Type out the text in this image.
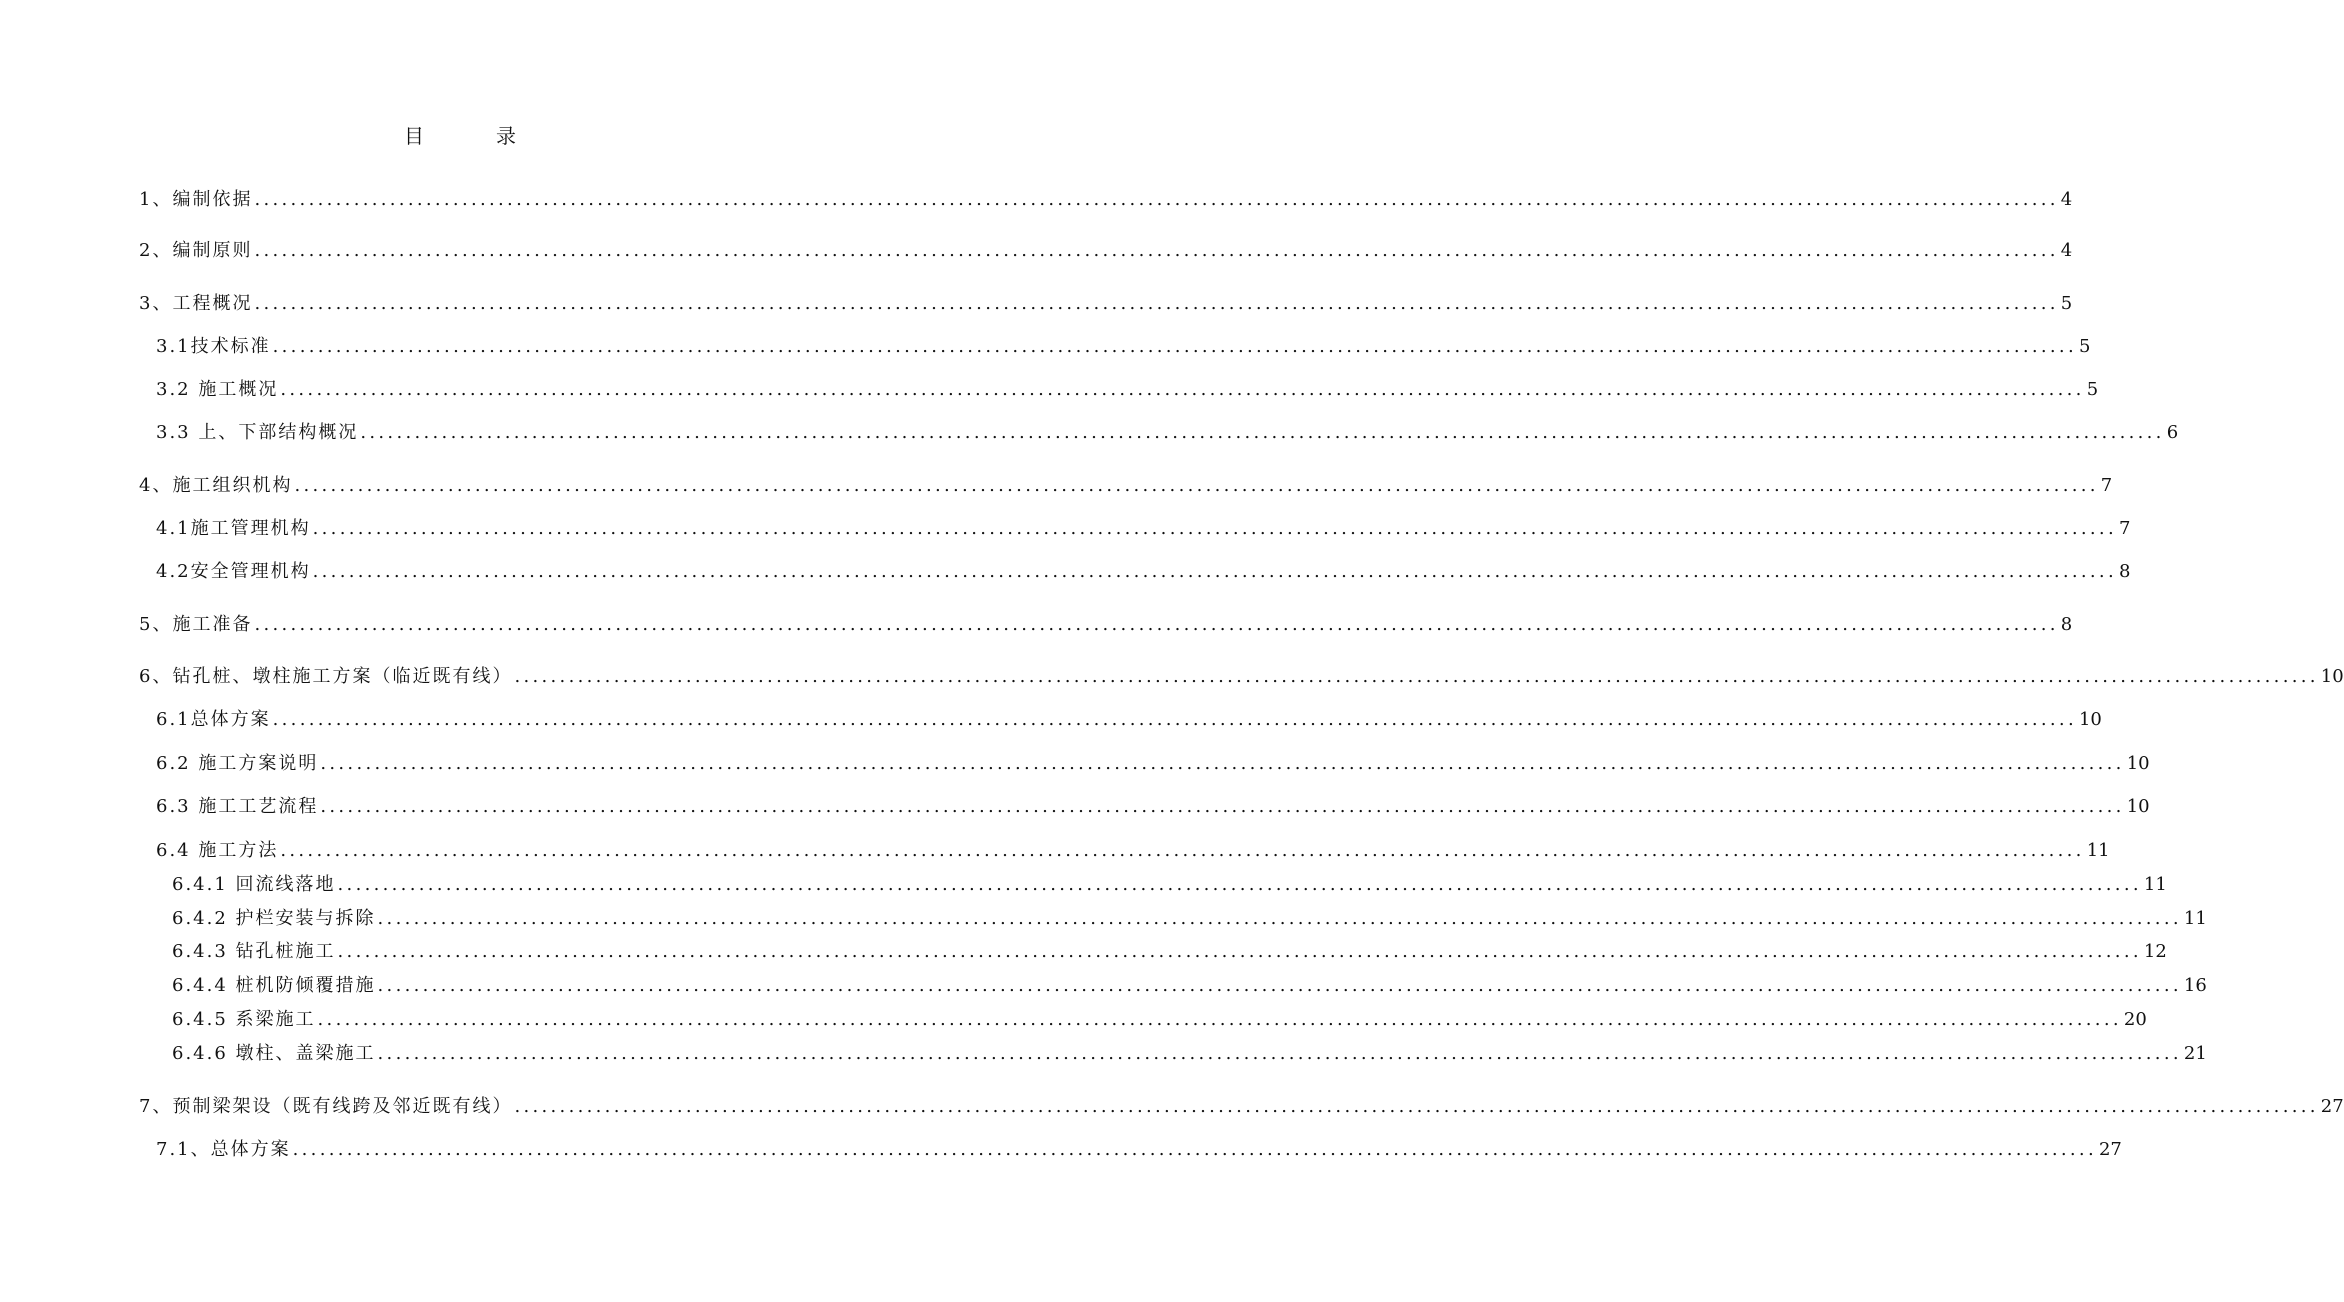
目　录
1、编制依据 ........................................................................................................................................................................................................ 4
2、编制原则 ........................................................................................................................................................................................................ 4
3、工程概况 ........................................................................................................................................................................................................ 5
3.1技术标准 ........................................................................................................................................................................................................ 5
3.2 施工概况 ........................................................................................................................................................................................................ 5
3.3 上、下部结构概况 ........................................................................................................................................................................................................ 6
4、施工组织机构 ........................................................................................................................................................................................................ 7
4.1施工管理机构 ........................................................................................................................................................................................................ 7
4.2安全管理机构 ........................................................................................................................................................................................................ 8
5、施工准备 ........................................................................................................................................................................................................ 8
6、钻孔桩、墩柱施工方案（临近既有线） ........................................................................................................................................................................................................ 10
6.1总体方案 ........................................................................................................................................................................................................ 10
6.2 施工方案说明 ........................................................................................................................................................................................................ 10
6.3 施工工艺流程 ........................................................................................................................................................................................................ 10
6.4 施工方法 ........................................................................................................................................................................................................ 11
6.4.1 回流线落地 ........................................................................................................................................................................................................ 11
6.4.2 护栏安装与拆除 ........................................................................................................................................................................................................ 11
6.4.3 钻孔桩施工 ........................................................................................................................................................................................................ 12
6.4.4 桩机防倾覆措施 ........................................................................................................................................................................................................ 16
6.4.5 系梁施工 ........................................................................................................................................................................................................ 20
6.4.6 墩柱、盖梁施工 ........................................................................................................................................................................................................ 21
7、预制梁架设（既有线跨及邻近既有线） ........................................................................................................................................................................................................ 27
7.1、总体方案 ........................................................................................................................................................................................................ 27
